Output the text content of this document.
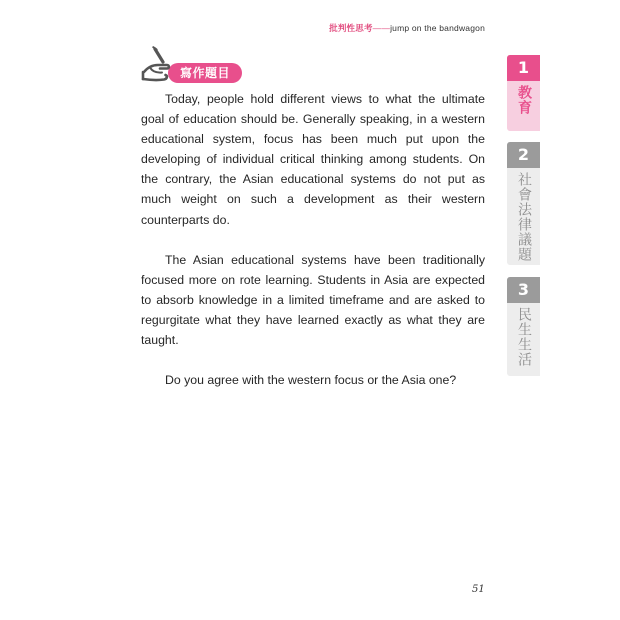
批判性思考——jump on the bandwagon
寫作題目

Today, people hold different views to what the ultimate goal of education should be. Generally speaking, in a western educational system, focus has been much put upon the developing of individual critical thinking among students. On the contrary, the Asian educational systems do not put as much weight on such a development as their western counterparts do.

The Asian educational systems have been traditionally focused more on rote learning. Students in Asia are expected to absorb knowledge in a limited timeframe and are asked to regurgitate what they have learned exactly as what they are taught.

Do you agree with the western focus or the Asia one?

1
教育
2
社會法律議題
3
民生生活
51
